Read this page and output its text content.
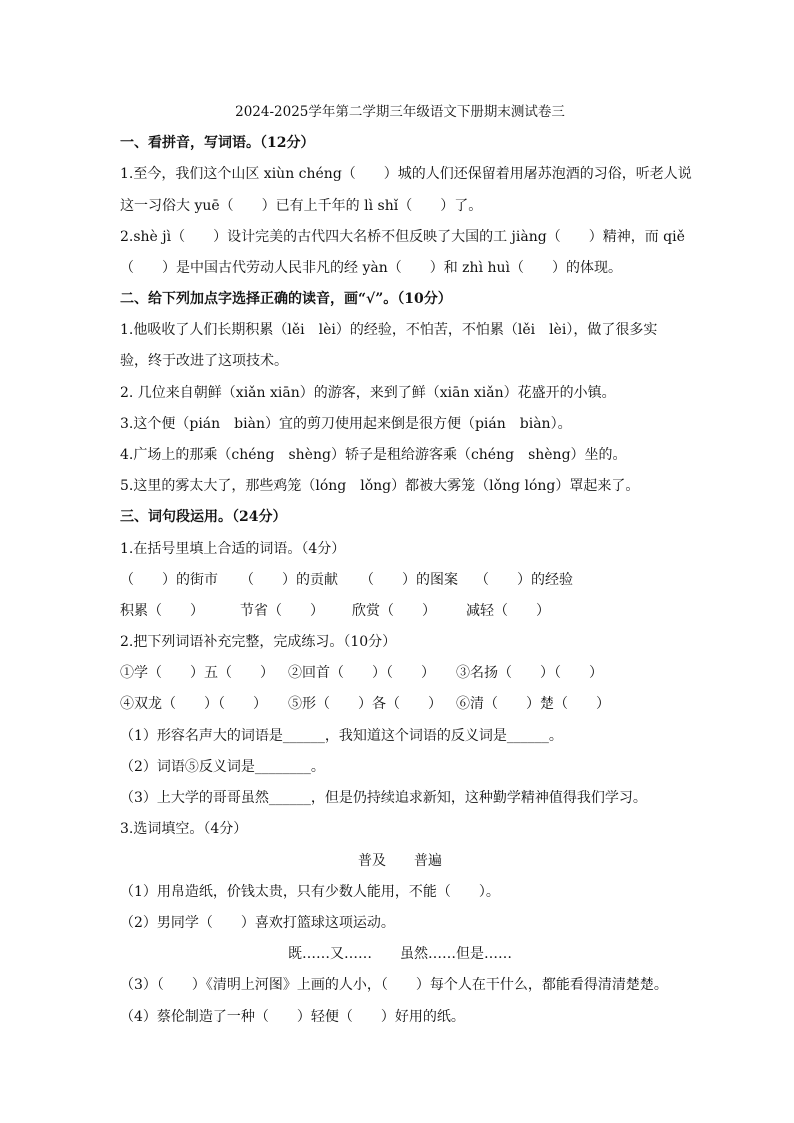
2024-2025学年第二学期三年级语文下册期末测试卷三
一、看拼音，写词语。（12分）
1.至今，我们这个山区 xiùn chéng（　　）城的人们还保留着用屠苏泡酒的习俗，听老人说
这一习俗大 yuē（　　）已有上千年的 lì shǐ（　　）了。
2.shè jì（　　）设计完美的古代四大名桥不但反映了大国的工 jiàng（　　）精神，而 qiě
（　　）是中国古代劳动人民非凡的经 yàn（　　）和 zhì huì（　　）的体现。
二、给下列加点字选择正确的读音，画“√”。（10分）
1.他吸收了人们长期积累（lěi　lèi）的经验，不怕苦，不怕累（lěi　lèi），做了很多实
验，终于改进了这项技术。
2. 几位来自朝鲜（xiǎn xiān）的游客，来到了鲜（xiān xiǎn）花盛开的小镇。
3.这个便（pián　biàn）宜的剪刀使用起来倒是很方便（pián　biàn）。
4.广场上的那乘（chéng　shèng）轿子是租给游客乘（chéng　shèng）坐的。
5.这里的雾太大了，那些鸡笼（lóng　lǒng）都被大雾笼（lǒng lóng）罩起来了。
三、词句段运用。（24分）
1.在括号里填上合适的词语。（4分）
（　　）的街市 （　　）的贡献 （　　）的图案 （　　）的经验
积累（　　）	节省（　　） 欣赏（　　） 减轻（　　）
2.把下列词语补充完整，完成练习。（10分）
①学（　　）五（　　） ②回首（　　）（　　） ③名扬（　　）（　　）
④双龙（　　）（　　） ⑤形（　　）各（　　） ⑥清（　　）楚（　　）
（1）形容名声大的词语是______，我知道这个词语的反义词是______。
（2）词语⑤反义词是________。
（3）上大学的哥哥虽然______，但是仍持续追求新知，这种勤学精神值得我们学习。
3.选词填空。（4分）
普及　　普遍
（1）用帛造纸，价钱太贵，只有少数人能用，不能（　　）。
（2）男同学（　　）喜欢打篮球这项运动。
既……又……　　虽然……但是……
（3）（　　）《清明上河图》上画的人小，（　　）每个人在干什么，都能看得清清楚楚。
（4）蔡伦制造了一种（　　）轻便（　　）好用的纸。
